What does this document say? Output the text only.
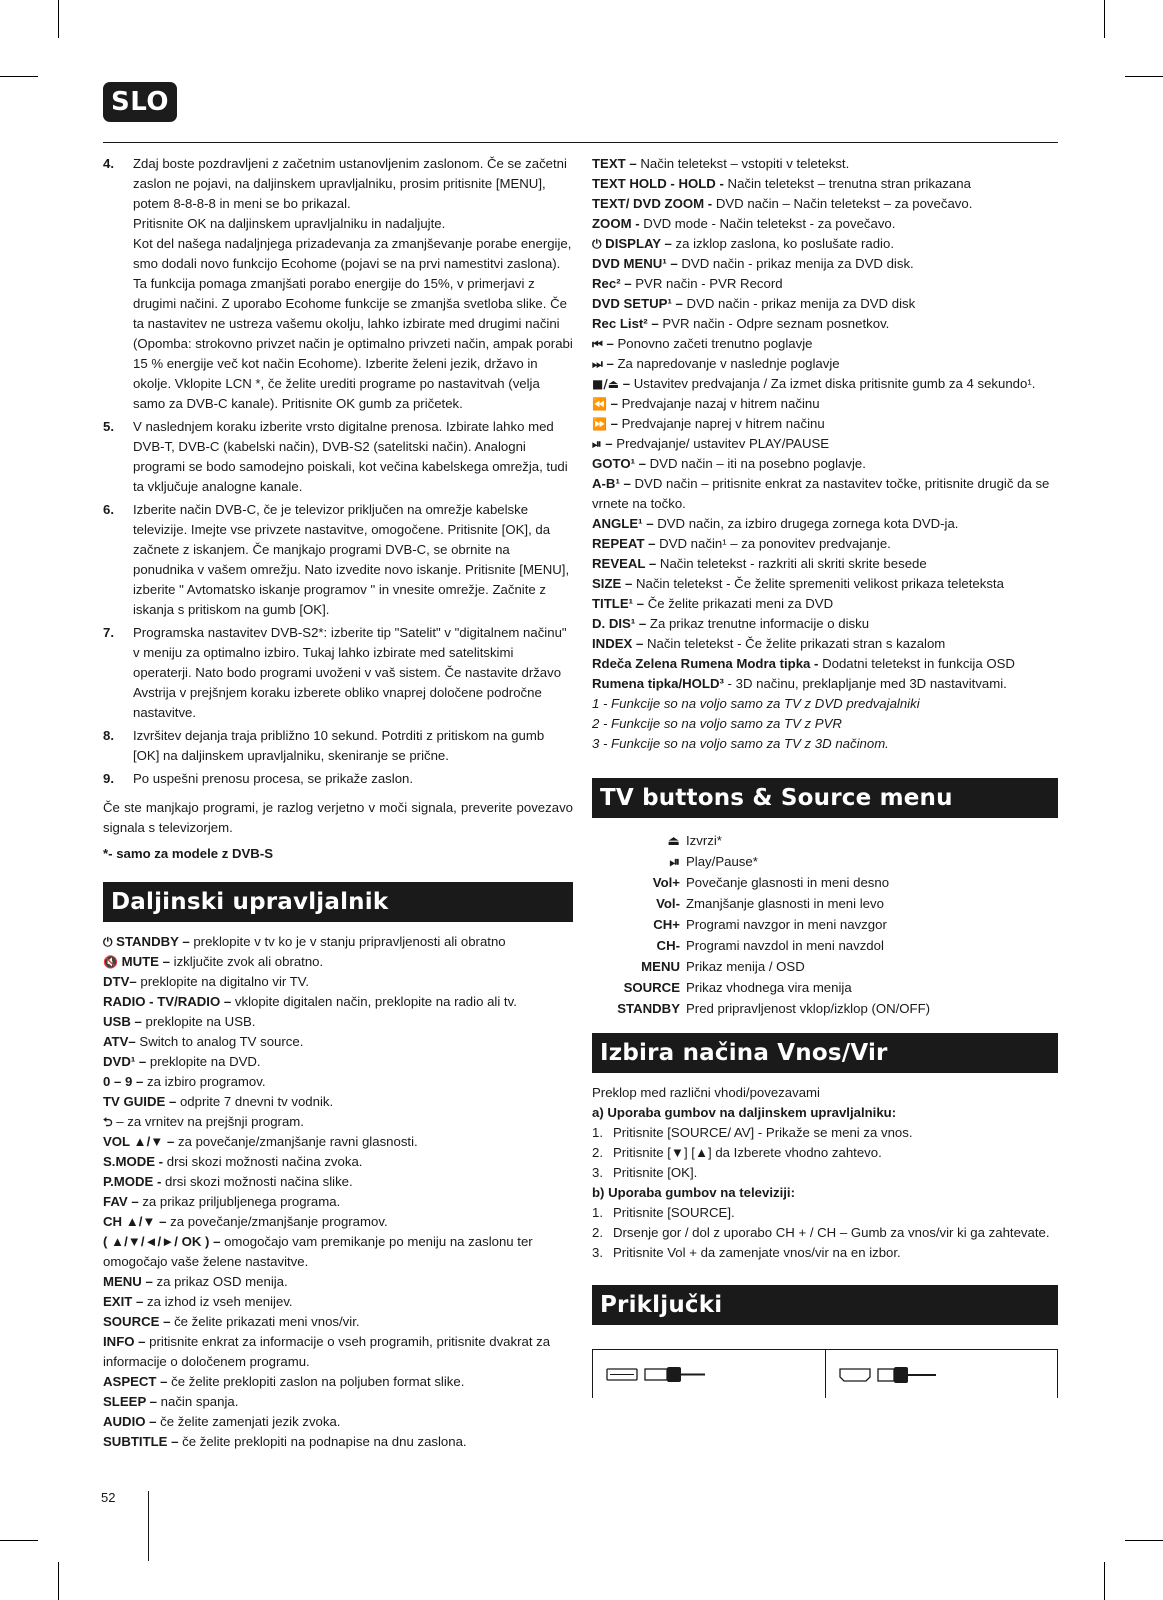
SLO
4.	Zdaj boste pozdravljeni z začetnim ustanovljenim zaslonom. Če se začetni zaslon ne pojavi, na daljinskem upravljalniku, prosim pritisnite [MENU], potem 8-8-8-8 in meni se bo prikazal.

Pritisnite OK na daljinskem upravljalniku in nadaljujte.

Kot del našega nadaljnjega prizadevanja za zmanjševanje porabe energije, smo dodali novo funkcijo Ecohome (pojavi se na prvi namestitvi zaslona). Ta funkcija pomaga zmanjšati porabo energije do 15%, v primerjavi z drugimi načini. Z uporabo Ecohome funkcije se zmanjša svetloba slike. Če ta nastavitev ne ustreza vašemu okolju, lahko izbirate med drugimi načini (Opomba: strokovno privzet način je optimalno privzeti način, ampak porabi 15 % energije več kot način Ecohome). Izberite želeni jezik, državo in okolje. Vklopite LCN *, če želite urediti programe po nastavitvah (velja samo za DVB-C kanale). Pritisnite OK gumb za pričetek.

5.	V naslednjem koraku izberite vrsto digitalne prenosa. Izbirate lahko med DVB-T, DVB-C (kabelski način), DVB-S2 (satelitski način). Analogni programi se bodo samodejno poiskali, kot večina kabelskega omrežja, tudi ta vključuje analogne kanale.

6.	Izberite način DVB-C, če je televizor priključen na omrežje kabelske televizije. Imejte vse privzete nastavitve, omogočene. Pritisnite [OK], da začnete z iskanjem. Če manjkajo programi DVB-C, se obrnite na ponudnika v vašem omrežju. Nato izvedite novo iskanje. Pritisnite [MENU], izberite " Avtomatsko iskanje programov " in vnesite omrežje. Začnite z iskanja s pritiskom na gumb [OK].

7.	Programska nastavitev DVB-S2*: izberite tip "Satelit" v "digitalnem načinu" v meniju za optimalno izbiro. Tukaj lahko izbirate med satelitskimi operaterji. Nato bodo programi uvoženi v vaš sistem. Če nastavite državo Avstrija v prejšnjem koraku izberete obliko vnaprej določene področne nastavitve.

8.	Izvršitev dejanja traja približno 10 sekund. Potrditi z pritiskom na gumb [OK] na daljinskem upravljalniku, skeniranje se prične.

9.	Po uspešni prenosu procesa, se prikaže zaslon.

Če ste manjkajo programi, je razlog verjetno v moči signala, preverite povezavo signala s televizorjem.

*- samo za modele z DVB-S

Daljinski upravljalnik

⏻ STANDBY – preklopite v tv ko je v stanju pripravljenosti ali obratno

🔇 MUTE – izključite zvok ali obratno.

DTV– preklopite na digitalno vir TV.

RADIO - TV/RADIO – vklopite digitalen način, preklopite na radio ali tv.

USB – preklopite na USB.

ATV– Switch to analog TV source.

DVD¹ – preklopite na DVD.

0 – 9 – za izbiro programov.

TV GUIDE – odprite 7 dnevni tv vodnik.

⮌ – za vrnitev na prejšnji program.

VOL ▲/▼ – za povečanje/zmanjšanje ravni glasnosti.

S.MODE - drsi skozi možnosti načina zvoka.

P.MODE - drsi skozi možnosti načina slike.

FAV – za prikaz priljubljenega programa.

CH ▲/▼ – za povečanje/zmanjšanje programov.

( ▲/▼/◄/►/ OK ) – omogočajo vam premikanje po meniju na zaslonu ter omogočajo vaše želene nastavitve.

MENU – za prikaz OSD menija.

EXIT – za izhod iz vseh menijev.

SOURCE – če želite prikazati meni vnos/vir.

INFO – pritisnite enkrat za informacije o vseh programih, pritisnite dvakrat za informacije o določenem programu.

ASPECT – če želite preklopiti zaslon na poljuben format slike.

SLEEP – način spanja.

AUDIO – če želite zamenjati jezik zvoka.

SUBTITLE – če želite preklopiti na podnapise na dnu zaslona.

TEXT – Način teletekst – vstopiti v teletekst.

TEXT HOLD - HOLD - Način teletekst – trenutna stran prikazana

TEXT/ DVD ZOOM - DVD način – Način teletekst – za povečavo.

ZOOM - DVD mode - Način teletekst - za povečavo.

⏻ DISPLAY – za izklop zaslona, ko poslušate radio.

DVD MENU¹ – DVD način - prikaz menija za DVD disk.

Rec² – PVR način - PVR Record

DVD SETUP¹ – DVD način - prikaz menija za DVD disk

Rec List² – PVR način - Odpre seznam posnetkov.

⏮ – Ponovno začeti trenutno poglavje

⏭ – Za napredovanje v naslednje poglavje

■/⏏ – Ustavitev predvajanja / Za izmet diska pritisnite gumb za 4 sekundo¹.

⏪ – Predvajanje nazaj v hitrem načinu

⏩ – Predvajanje naprej v hitrem načinu

⏯ – Predvajanje/ ustavitev PLAY/PAUSE

GOTO¹ – DVD način – iti na posebno poglavje.

A-B¹ – DVD način – pritisnite enkrat za nastavitev točke, pritisnite drugič da se vrnete na točko.

ANGLE¹ – DVD način, za izbiro drugega zornega kota DVD-ja.

REPEAT – DVD način¹ – za ponovitev predvajanje.

REVEAL – Način teletekst - razkriti ali skriti skrite besede

SIZE – Način teletekst - Če želite spremeniti velikost prikaza teleteksta

TITLE¹ – Če želite prikazati meni za DVD

D. DIS¹ – Za prikaz trenutne informacije o disku

INDEX – Način teletekst - Če želite prikazati stran s kazalom

Rdeča Zelena Rumena Modra tipka - Dodatni teletekst in funkcija OSD

Rumena tipka/HOLD³ - 3D načinu, preklapljanje med 3D nastavitvami.

1 - Funkcije so na voljo samo za TV z DVD predvajalniki

2 - Funkcije so na voljo samo za TV z PVR

3 - Funkcije so na voljo samo za TV z 3D načinom.

TV buttons & Source menu
⏏ Izvrzi*
⏯ Play/Pause*
Vol+ Povečanje glasnosti in meni desno
Vol- Zmanjšanje glasnosti in meni levo
CH+ Programi navzgor in meni navzgor
CH- Programi navzdol in meni navzdol
MENU Prikaz menija / OSD
SOURCE Prikaz vhodnega vira menija
STANDBY Pred pripravljenost vklop/izklop (ON/OFF)
Izbira načina Vnos/Vir

Preklop med različni vhodi/povezavami

a) Uporaba gumbov na daljinskem upravljalniku:

1. Pritisnite [SOURCE/ AV] - Prikaže se meni za vnos.
2. Pritisnite [▼] [▲] da Izberete vhodno zahtevo.
3. Pritisnite [OK].

b) Uporaba gumbov na televiziji:

1. Pritisnite [SOURCE].
2. Drsenje gor / dol z uporabo CH + / CH – Gumb za vnos/vir ki ga zahtevate.
3. Pritisnite Vol + da zamenjate vnos/vir na en izbor.
Priključki
52
